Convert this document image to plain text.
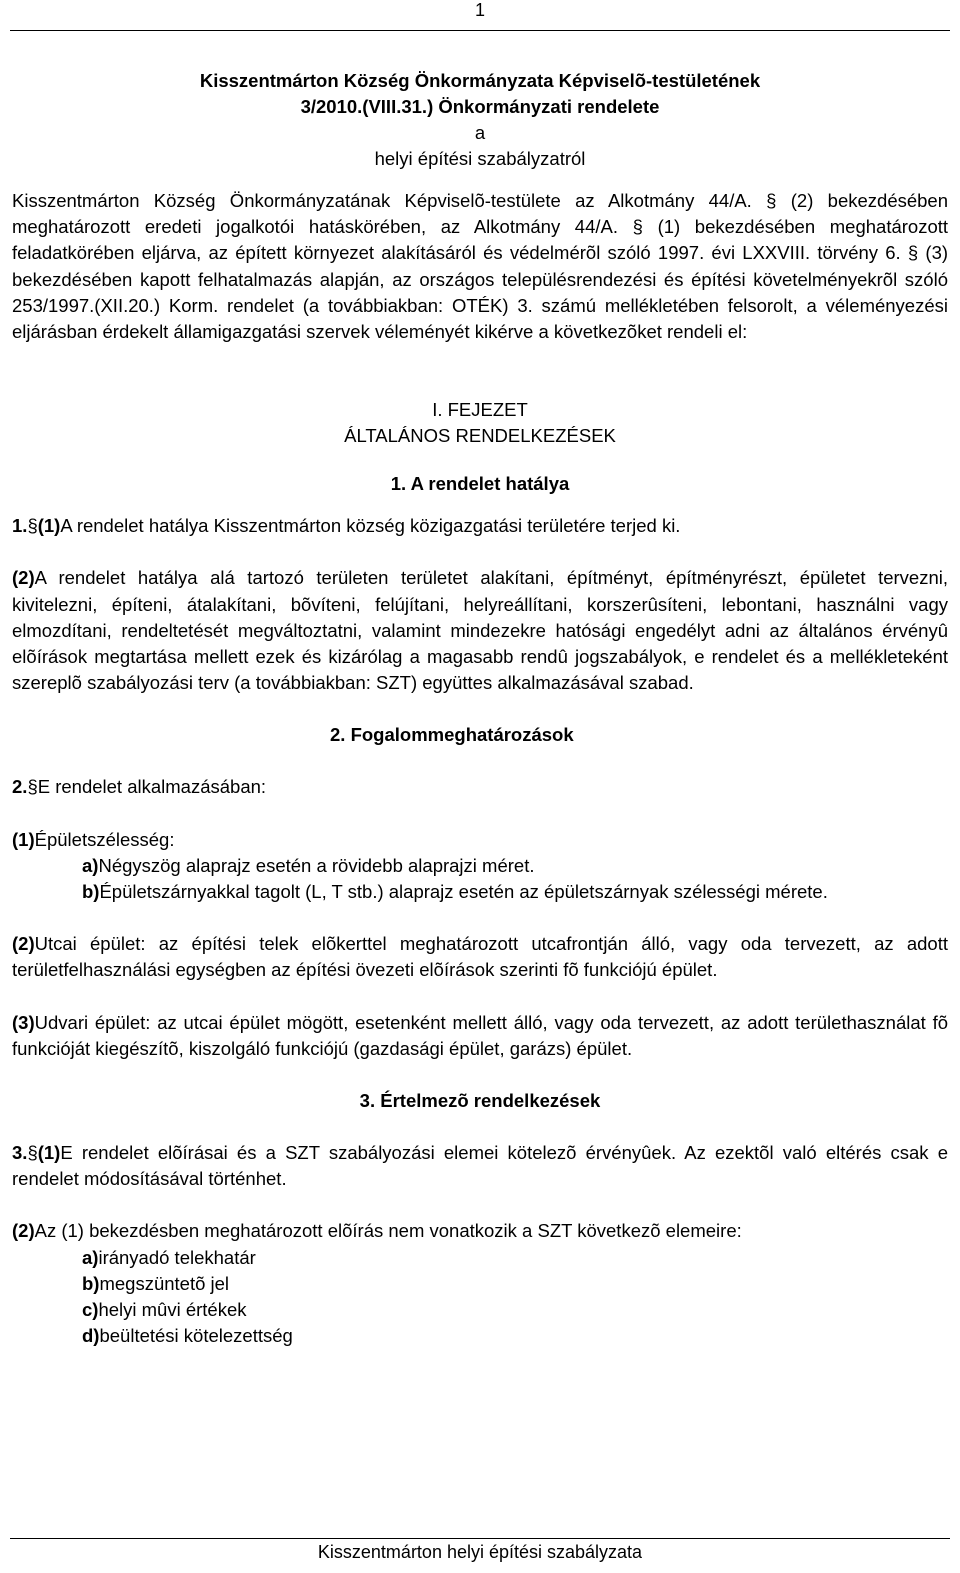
1
Kisszentmárton Község Önkormányzata Képviselõ-testületének
3/2010.(VIII.31.) Önkormányzati rendelete
a
helyi építési szabályzatról

Kisszentmárton Község Önkormányzatának Képviselõ-testülete az Alkotmány 44/A. § (2) bekezdésében meghatározott eredeti jogalkotói hatáskörében, az Alkotmány 44/A. § (1) bekezdésében meghatározott feladatkörében eljárva, az épített környezet alakításáról és védelmérõl szóló 1997. évi LXXVIII. törvény 6. § (3) bekezdésében kapott felhatalmazás alapján, az országos településrendezési és építési követelményekrõl szóló 253/1997.(XII.20.) Korm. rendelet (a továbbiakban: OTÉK) 3. számú mellékletében felsorolt, a véleményezési eljárásban érdekelt államigazgatási szervek véleményét kikérve a következõket rendeli el:

I. FEJEZET
ÁLTALÁNOS RENDELKEZÉSEK
1. A rendelet hatálya

1.§(1)A rendelet hatálya Kisszentmárton község közigazgatási területére terjed ki.

(2)A rendelet hatálya alá tartozó területen területet alakítani, építményt, építményrészt, épületet tervezni, kivitelezni, építeni, átalakítani, bõvíteni, felújítani, helyreállítani, korszerûsíteni, lebontani, használni vagy elmozdítani, rendeltetését megváltoztatni, valamint mindezekre hatósági engedélyt adni az általános érvényû elõírások megtartása mellett ezek és kizárólag a magasabb rendû jogszabályok, e rendelet és a mellékleteként szereplõ szabályozási terv (a továbbiakban: SZT) együttes alkalmazásával szabad.

2. Fogalommeghatározások

2.§E rendelet alkalmazásában:

(1)Épületszélesség:

a)Négyszög alaprajz esetén a rövidebb alaprajzi méret.

b)Épületszárnyakkal tagolt (L, T stb.) alaprajz esetén az épületszárnyak szélességi mérete.

(2)Utcai épület: az építési telek elõkerttel meghatározott utcafrontján álló, vagy oda tervezett, az adott területfelhasználási egységben az építési övezeti elõírások szerinti fõ funkciójú épület.

(3)Udvari épület: az utcai épület mögött, esetenként mellett álló, vagy oda tervezett, az adott területhasználat fõ funkcióját kiegészítõ, kiszolgáló funkciójú (gazdasági épület, garázs) épület.

3. Értelmezõ rendelkezések

3.§(1)E rendelet elõírásai és a SZT szabályozási elemei kötelezõ érvényûek. Az ezektõl való eltérés csak e rendelet módosításával történhet.

(2)Az (1) bekezdésben meghatározott elõírás nem vonatkozik a SZT következõ elemeire:

a)irányadó telekhatár

b)megszüntetõ jel

c)helyi mûvi értékek

d)beültetési kötelezettség

Kisszentmárton helyi építési szabályzata
